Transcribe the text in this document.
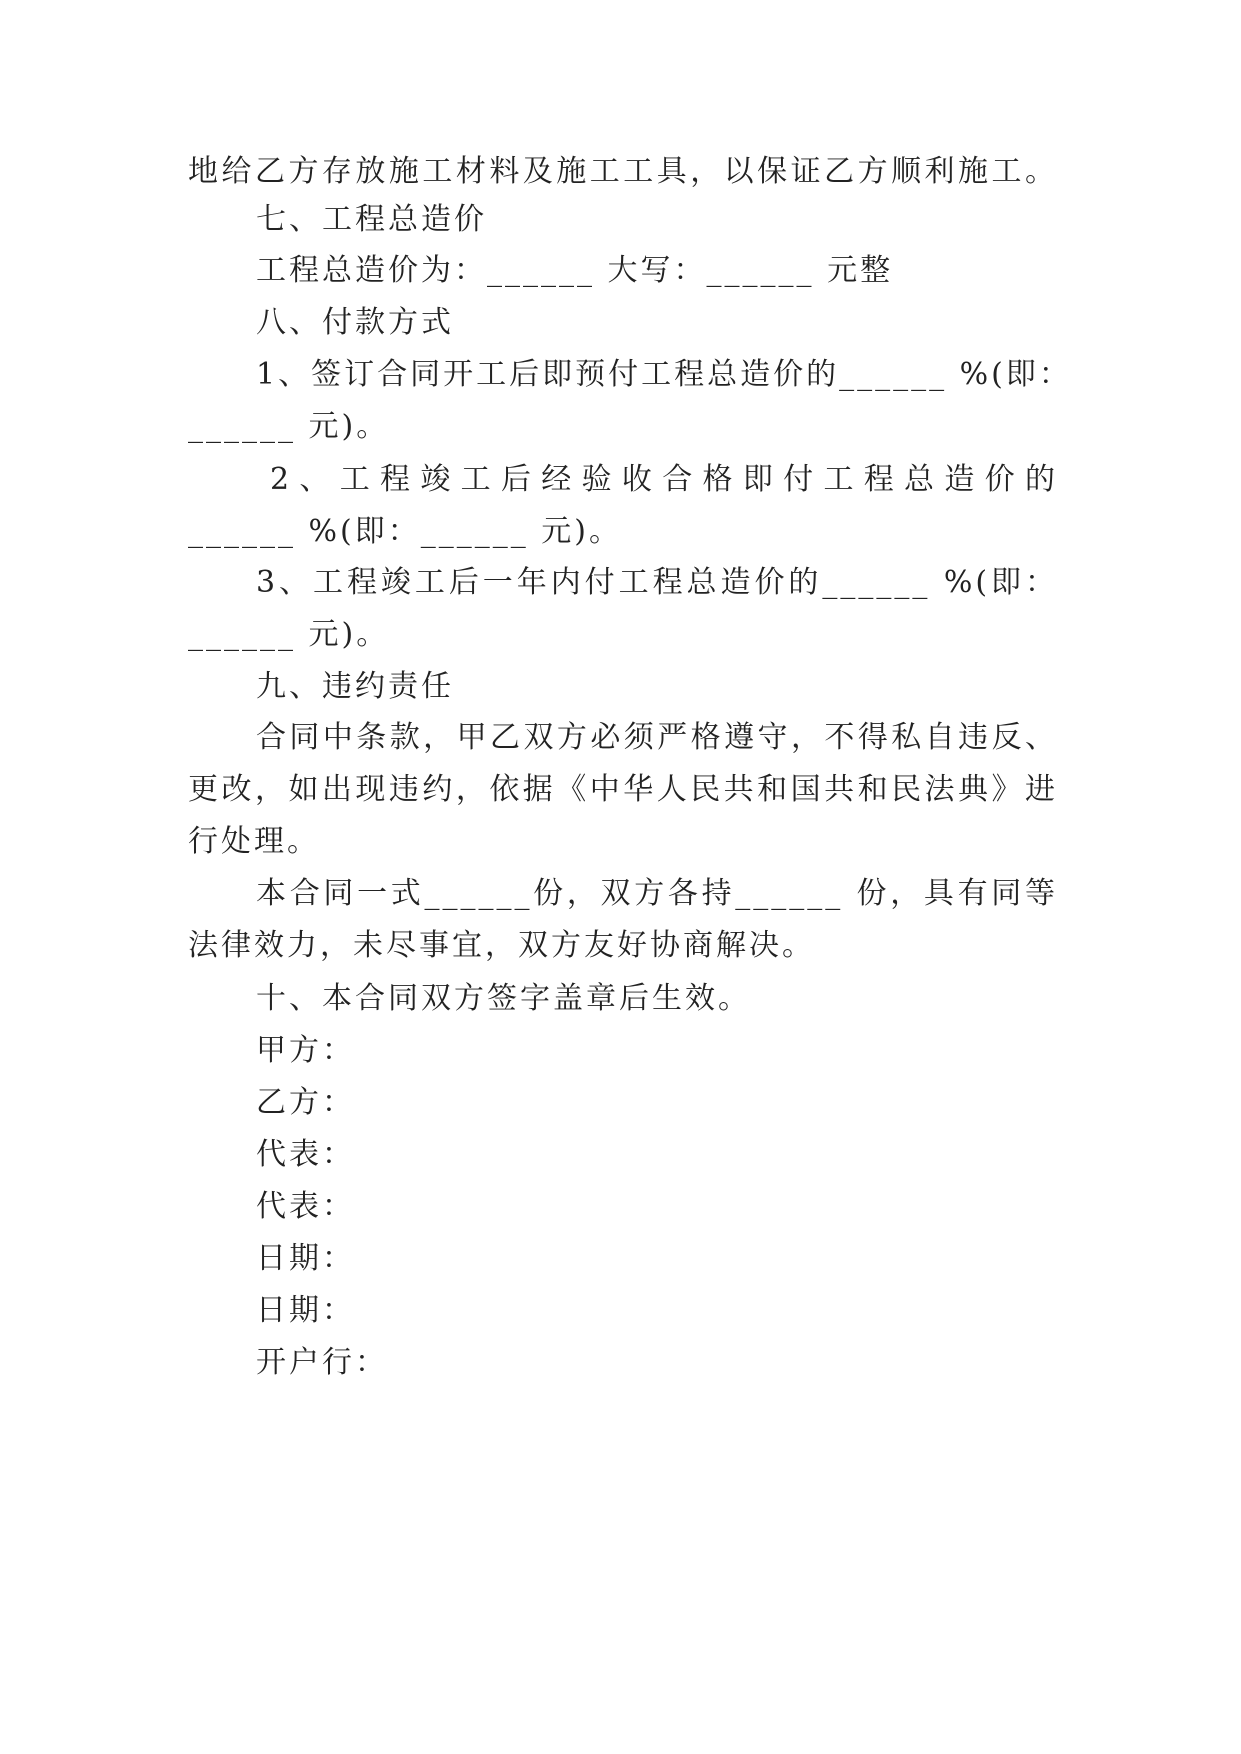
地给乙方存放施工材料及施工工具，以保证乙方顺利施工。
七、工程总造价
工程总造价为：______ 大写：______ 元整
八、付款方式
1、签订合同开工后即预付工程总造价的______ %(即：
______ 元)。
2、工程竣工后经验收合格即付工程总造价的
______ %(即：______ 元)。
3、工程竣工后一年内付工程总造价的______ %(即：
______ 元)。
九、违约责任
合同中条款，甲乙双方必须严格遵守，不得私自违反、
更改，如出现违约，依据《中华人民共和国共和民法典》进
行处理。
本合同一式______份，双方各持______ 份，具有同等
法律效力，未尽事宜，双方友好协商解决。
十、本合同双方签字盖章后生效。
甲方：
乙方：
代表：
代表：
日期：
日期：
开户行：
